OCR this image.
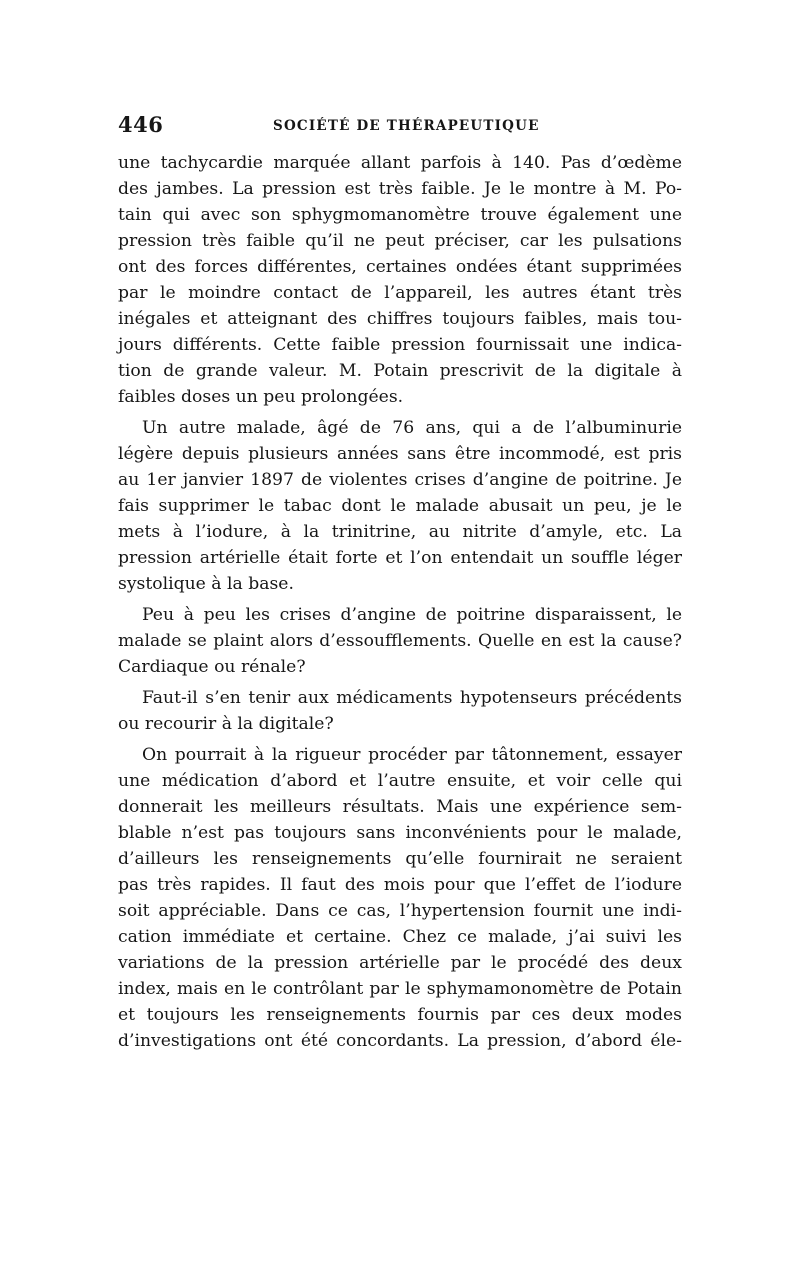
446	SOCIÉTÉ DE THÉRAPEUTIQUE
une tachycardie marquée allant parfois à 140. Pas d’œdème
des jambes. La pression est très faible. Je le montre à M. Po-
tain qui avec son sphygmomanomètre trouve également une
pression très faible qu’il ne peut préciser, car les pulsations
ont des forces différentes, certaines ondées étant supprimées
par le moindre contact de l’appareil, les autres étant très
inégales et atteignant des chiffres toujours faibles, mais tou-
jours différents. Cette faible pression fournissait une indica-
tion de grande valeur. M. Potain prescrivit de la digitale à
faibles doses un peu prolongées.
Un autre malade, âgé de 76 ans, qui a de l’albuminurie
légère depuis plusieurs années sans être incommodé, est pris
au 1er janvier 1897 de violentes crises d’angine de poitrine. Je
fais supprimer le tabac dont le malade abusait un peu, je le
mets à l’iodure, à la trinitrine, au nitrite d’amyle, etc. La
pression artérielle était forte et l’on entendait un souffle léger
systolique à la base.
Peu à peu les crises d’angine de poitrine disparaissent, le
malade se plaint alors d’essoufflements. Quelle en est la cause?
Cardiaque ou rénale?
Faut-il s’en tenir aux médicaments hypotenseurs précédents
ou recourir à la digitale?
On pourrait à la rigueur procéder par tâtonnement, essayer
une médication d’abord et l’autre ensuite, et voir celle qui
donnerait les meilleurs résultats. Mais une expérience sem-
blable n’est pas toujours sans inconvénients pour le malade,
d’ailleurs les renseignements qu’elle fournirait ne seraient
pas très rapides. Il faut des mois pour que l’effet de l’iodure
soit appréciable. Dans ce cas, l’hypertension fournit une indi-
cation immédiate et certaine. Chez ce malade, j’ai suivi les
variations de la pression artérielle par le procédé des deux
index, mais en le contrôlant par le sphymamonomètre de Potain
et toujours les renseignements fournis par ces deux modes
d’investigations ont été concordants. La pression, d’abord éle-
